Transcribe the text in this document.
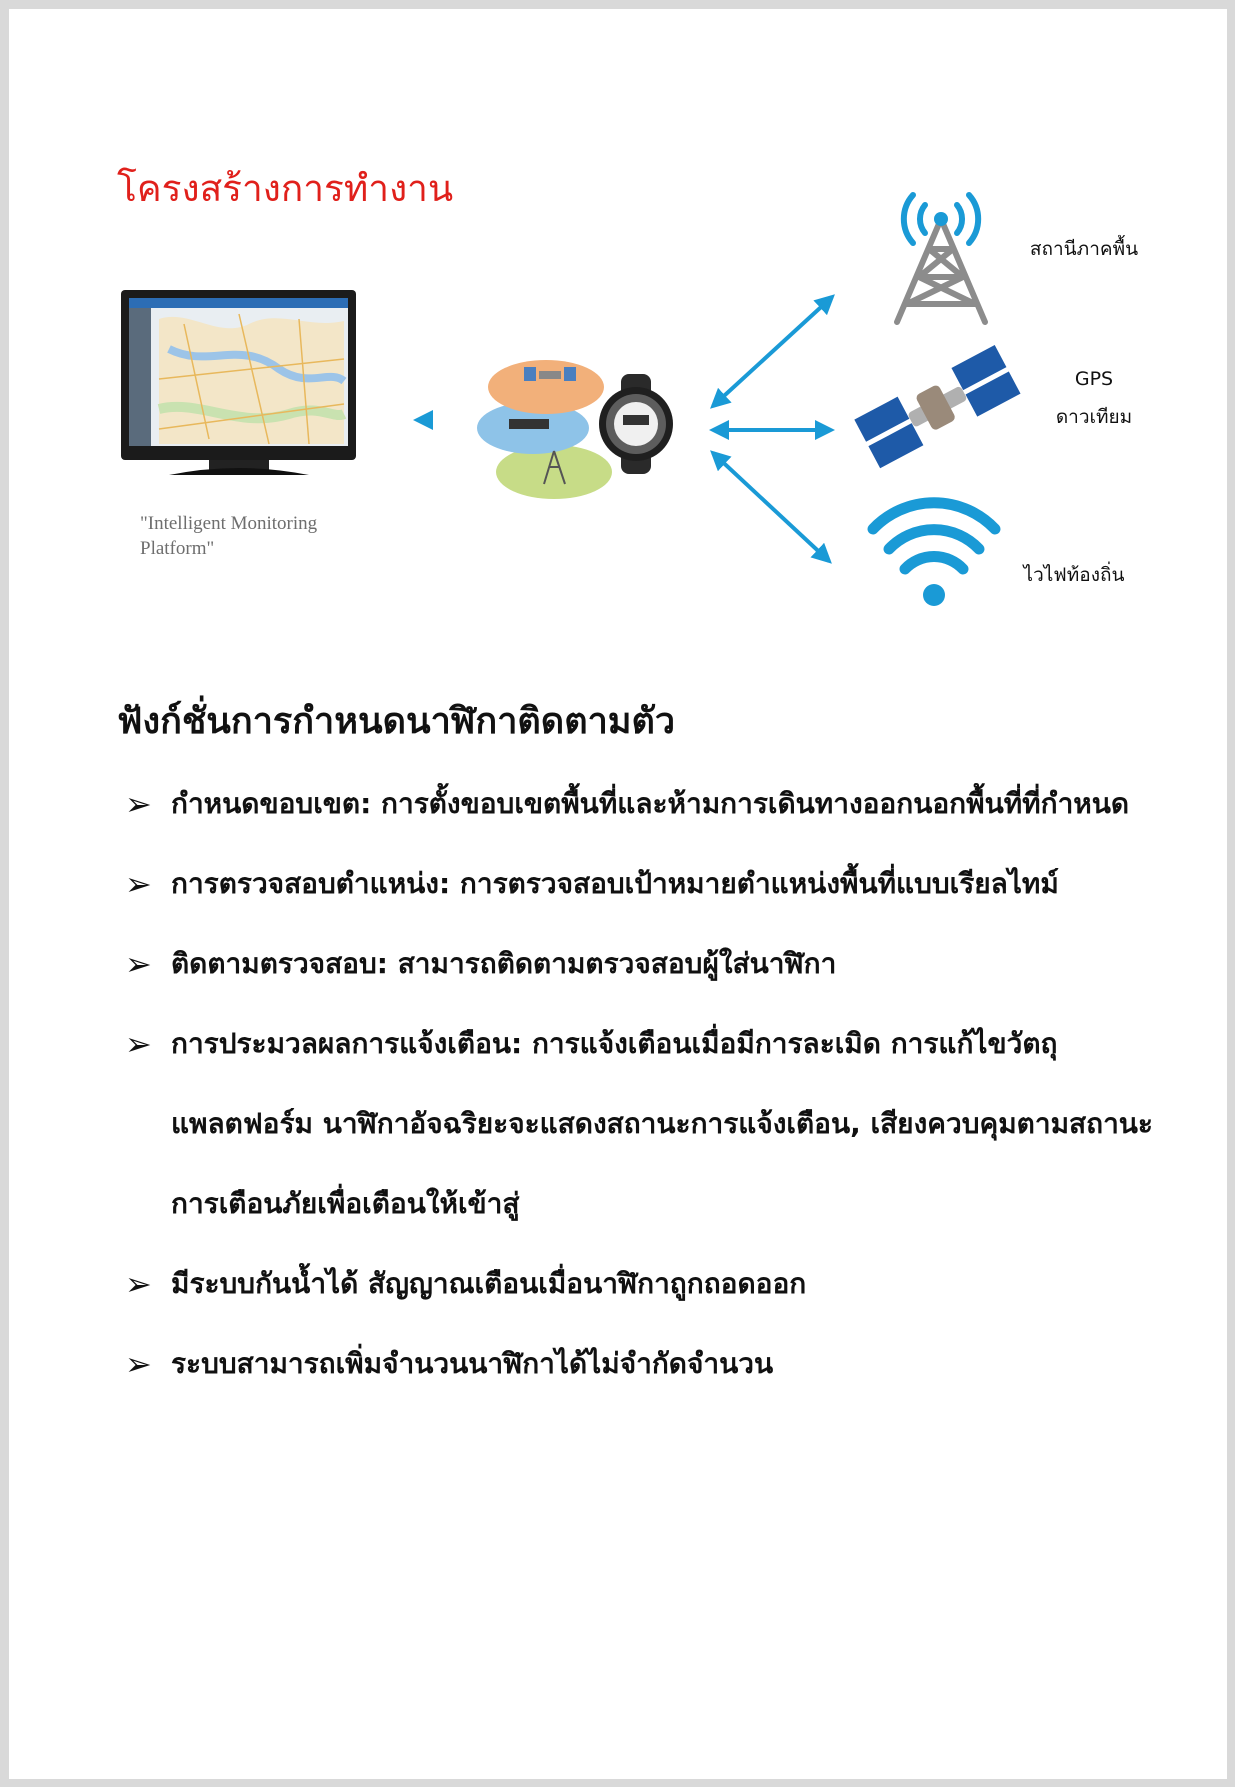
โครงสร้างการทำงาน
"Intelligent Monitoring
Platform"
สถานีภาคพื้น
GPS
ดาวเทียม
ไวไฟท้องถิ่น
ฟังก์ชั่นการกำหนดนาฬิกาติดตามตัว
➢ กำหนดขอบเขต: การตั้งขอบเขตพื้นที่และห้ามการเดินทางออกนอกพื้นที่ที่กำหนด
➢ การตรวจสอบตำแหน่ง: การตรวจสอบเป้าหมายตำแหน่งพื้นที่แบบเรียลไทม์
➢ ติดตามตรวจสอบ: สามารถติดตามตรวจสอบผู้ใส่นาฬิกา
➢ การประมวลผลการแจ้งเตือน: การแจ้งเตือนเมื่อมีการละเมิด การแก้ไขวัตถุแพลตฟอร์ม นาฬิกาอัจฉริยะจะแสดงสถานะการแจ้งเตือน, เสียงควบคุมตามสถานะการเตือนภัยเพื่อเตือนให้เข้าสู่
➢ มีระบบกันน้ำได้ สัญญาณเตือนเมื่อนาฬิกาถูกถอดออก
➢ ระบบสามารถเพิ่มจำนวนนาฬิกาได้ไม่จำกัดจำนวน
